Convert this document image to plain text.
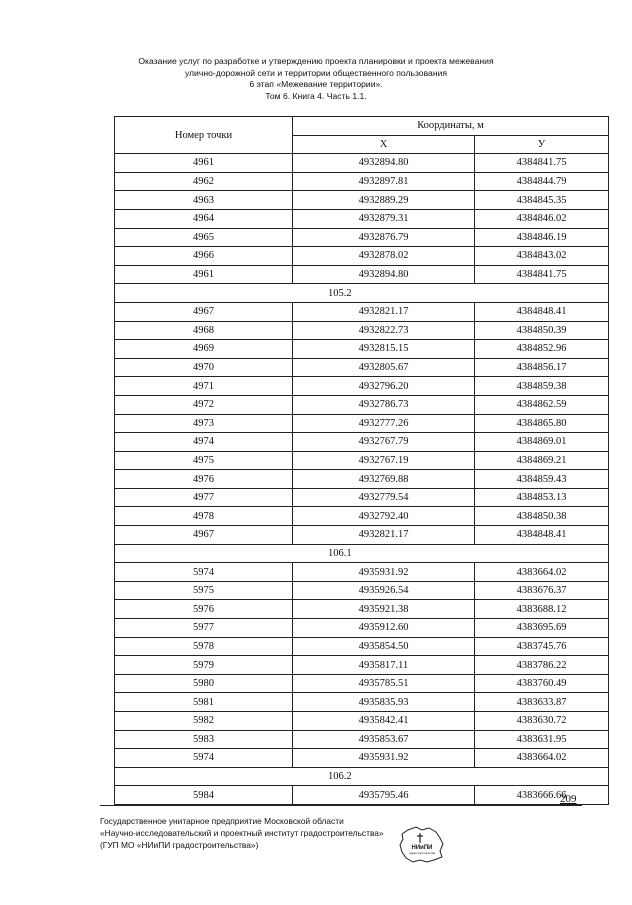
Оказание услуг по разработке и утверждению проекта планировки и проекта межевания
улично-дорожной сети и территории общественного пользования
6 этап «Межевание территории».
Том 6. Книга 4. Часть 1.1.
Номер точки	Координаты, м	
	X	У
4961	4932894.80	4384841.75
4962	4932897.81	4384844.79
4963	4932889.29	4384845.35
4964	4932879.31	4384846.02
4965	4932876.79	4384846.19
4966	4932878.02	4384843.02
4961	4932894.80	4384841.75
105.2		
4967	4932821.17	4384848.41
4968	4932822.73	4384850.39
4969	4932815.15	4384852.96
4970	4932805.67	4384856.17
4971	4932796.20	4384859.38
4972	4932786.73	4384862.59
4973	4932777.26	4384865.80
4974	4932767.79	4384869.01
4975	4932767.19	4384869.21
4976	4932769.88	4384859.43
4977	4932779.54	4384853.13
4978	4932792.40	4384850.38
4967	4932821.17	4384848.41
106.1		
5974	4935931.92	4383664.02
5975	4935926.54	4383676.37
5976	4935921.38	4383688.12
5977	4935912.60	4383695.69
5978	4935854.50	4383745.76
5979	4935817.11	4383786.22
5980	4935785.51	4383760.49
5981	4935835.93	4383633.87
5982	4935842.41	4383630.72
5983	4935853.67	4383631.95
5974	4935931.92	4383664.02
106.2		
5984	4935795.46	4383666.66
209
Государственное унитарное предприятие Московской области
«Научно-исследовательский и проектный институт градостроительства»
(ГУП МО «НИиПИ градостроительства»)	НИиПИ
градостроительства
